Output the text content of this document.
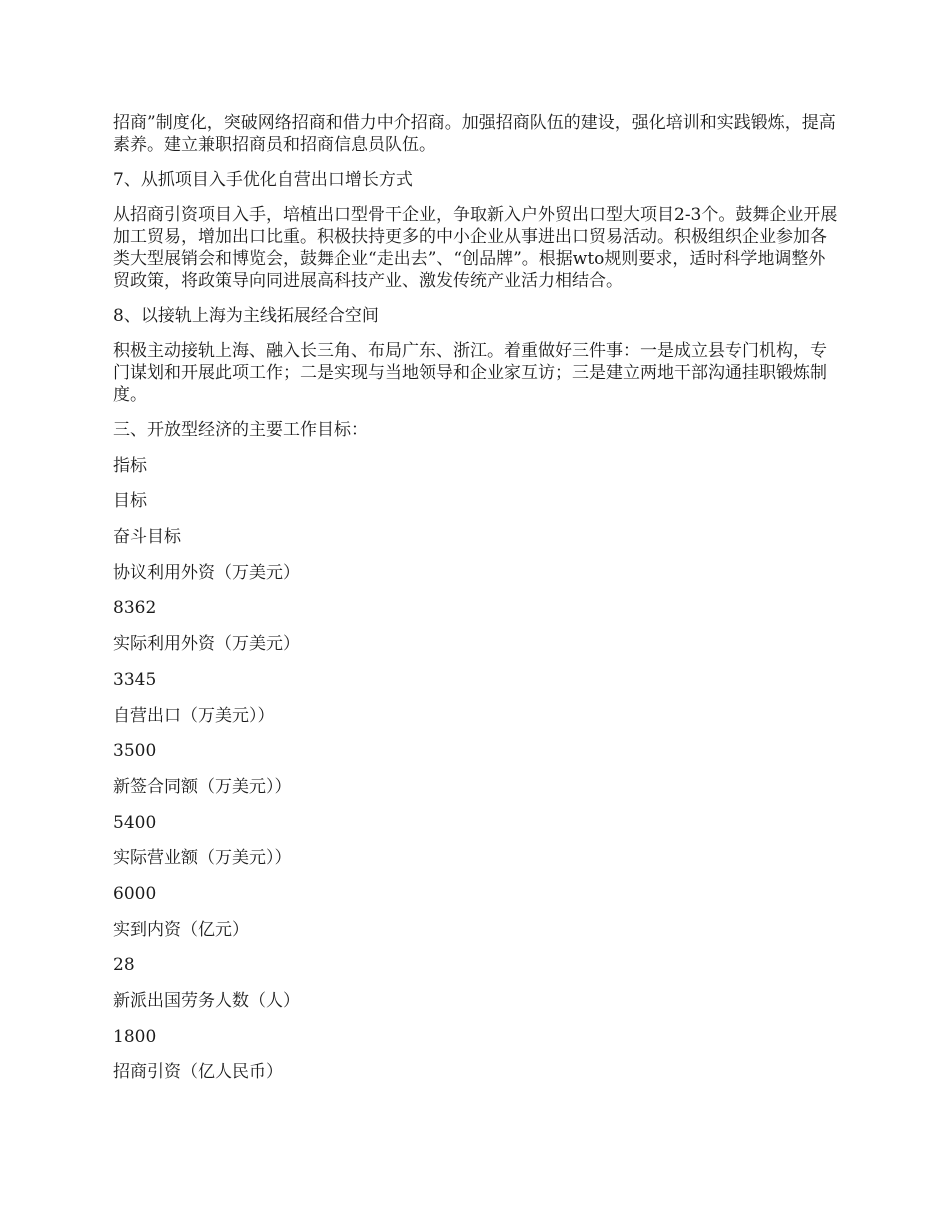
招商”制度化，突破网络招商和借力中介招商。加强招商队伍的建设，强化培训和实践锻炼，提高素养。建立兼职招商员和招商信息员队伍。

7、从抓项目入手优化自营出口增长方式

从招商引资项目入手，培植出口型骨干企业，争取新入户外贸出口型大项目2-3个。鼓舞企业开展加工贸易，增加出口比重。积极扶持更多的中小企业从事进出口贸易活动。积极组织企业参加各类大型展销会和博览会，鼓舞企业“走出去”、“创品牌”。根据wto规则要求，适时科学地调整外贸政策，将政策导向同进展高科技产业、激发传统产业活力相结合。

8、以接轨上海为主线拓展经合空间

积极主动接轨上海、融入长三角、布局广东、浙江。着重做好三件事：一是成立县专门机构，专门谋划和开展此项工作；二是实现与当地领导和企业家互访；三是建立两地干部沟通挂职锻炼制度。

三、开放型经济的主要工作目标：

指标

目标

奋斗目标

协议利用外资（万美元）

8362

实际利用外资（万美元）

3345

自营出口（万美元））

3500

新签合同额（万美元））

5400

实际营业额（万美元））

6000

实到内资（亿元）

28

新派出国劳务人数（人）

1800

招商引资（亿人民币）
